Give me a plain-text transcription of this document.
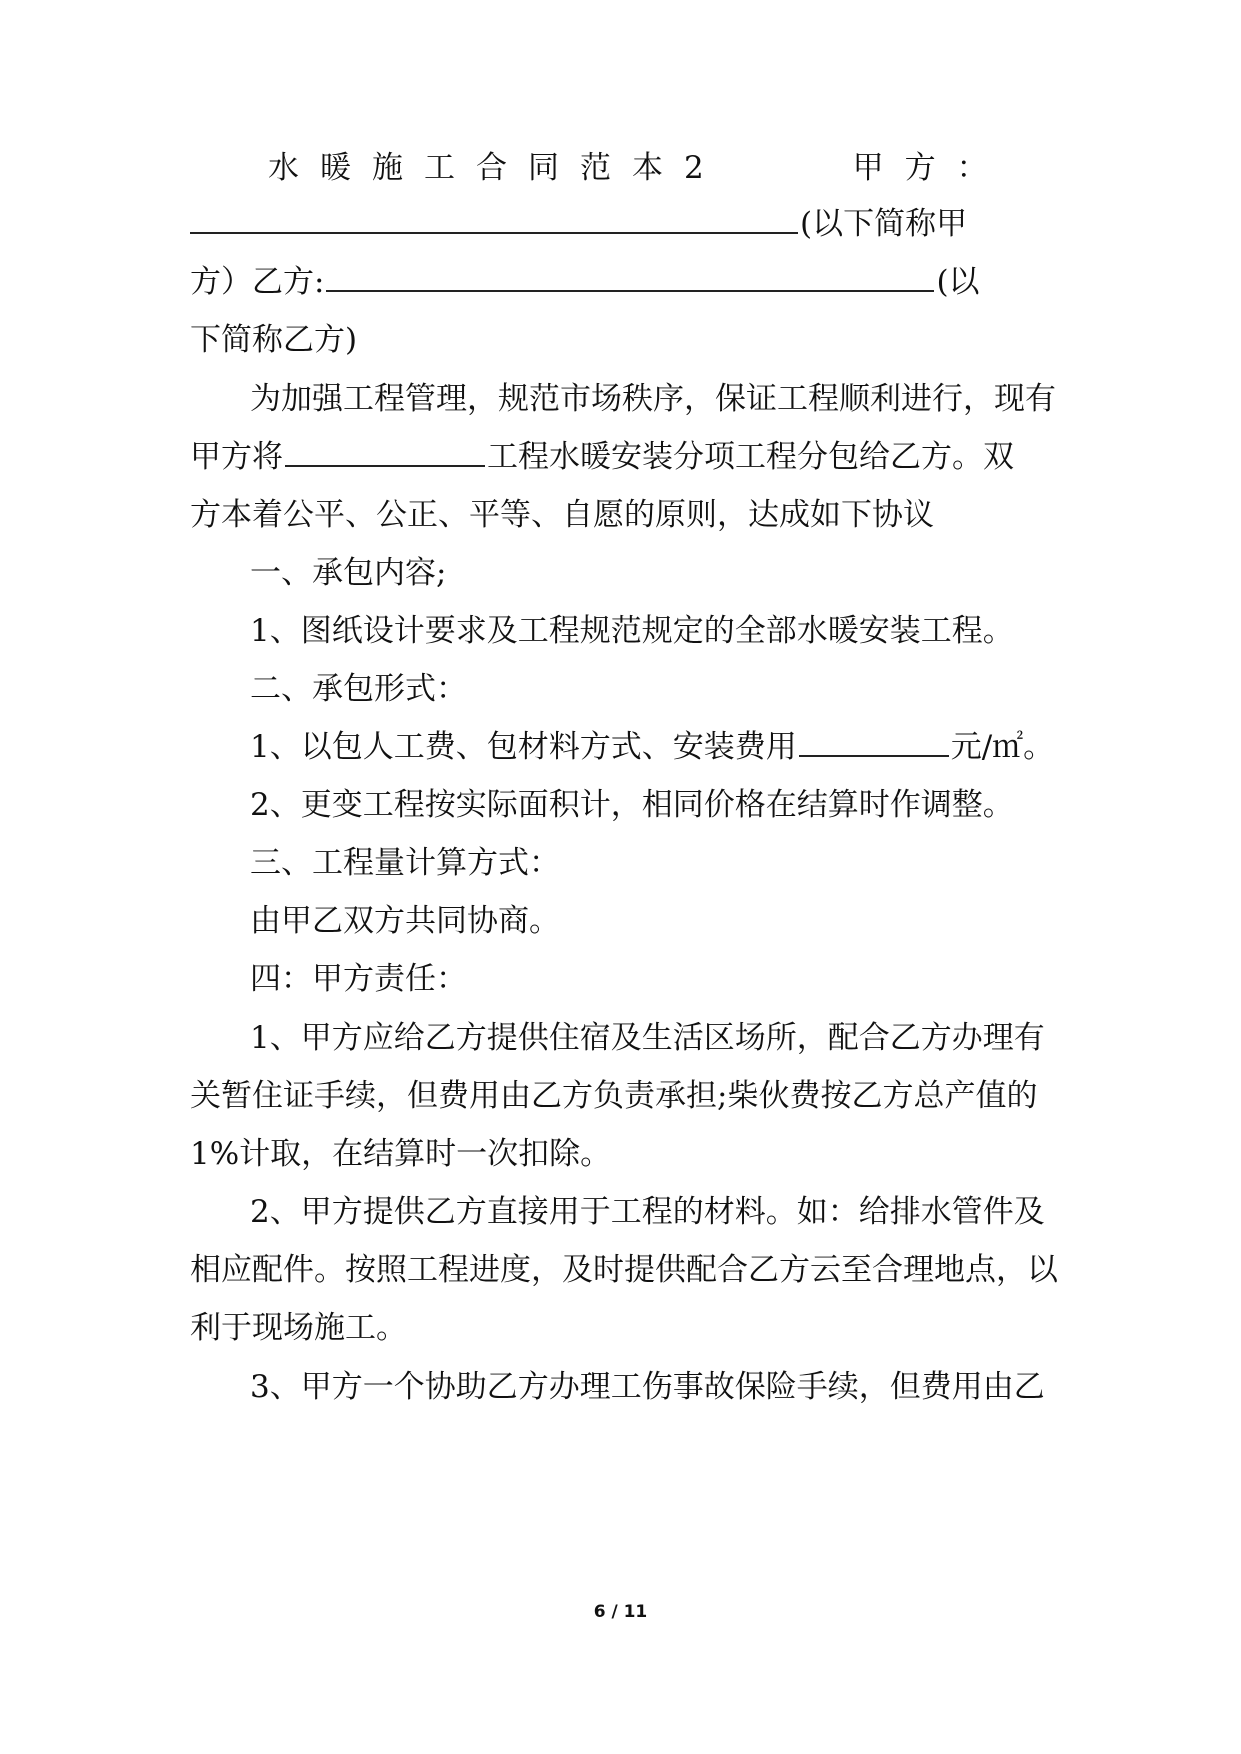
水暖施工合同范本2	甲方：
(以下简称甲
方）乙方:	(以
下简称乙方)
为加强工程管理，规范市场秩序，保证工程顺利进行，现有
甲方将	工程水暖安装分项工程分包给乙方。双
方本着公平、公正、平等、自愿的原则，达成如下协议
一、承包内容;
1、图纸设计要求及工程规范规定的全部水暖安装工程。
二、承包形式：
1、以包人工费、包材料方式、安装费用	元/㎡。
2、更变工程按实际面积计，相同价格在结算时作调整。
三、工程量计算方式：
由甲乙双方共同协商。
四：甲方责任：
1、甲方应给乙方提供住宿及生活区场所，配合乙方办理有
关暂住证手续，但费用由乙方负责承担;柴伙费按乙方总产值的
1%计取，在结算时一次扣除。
2、甲方提供乙方直接用于工程的材料。如：给排水管件及
相应配件。按照工程进度，及时提供配合乙方云至合理地点，以
利于现场施工。
3、甲方一个协助乙方办理工伤事故保险手续，但费用由乙
6 / 11
